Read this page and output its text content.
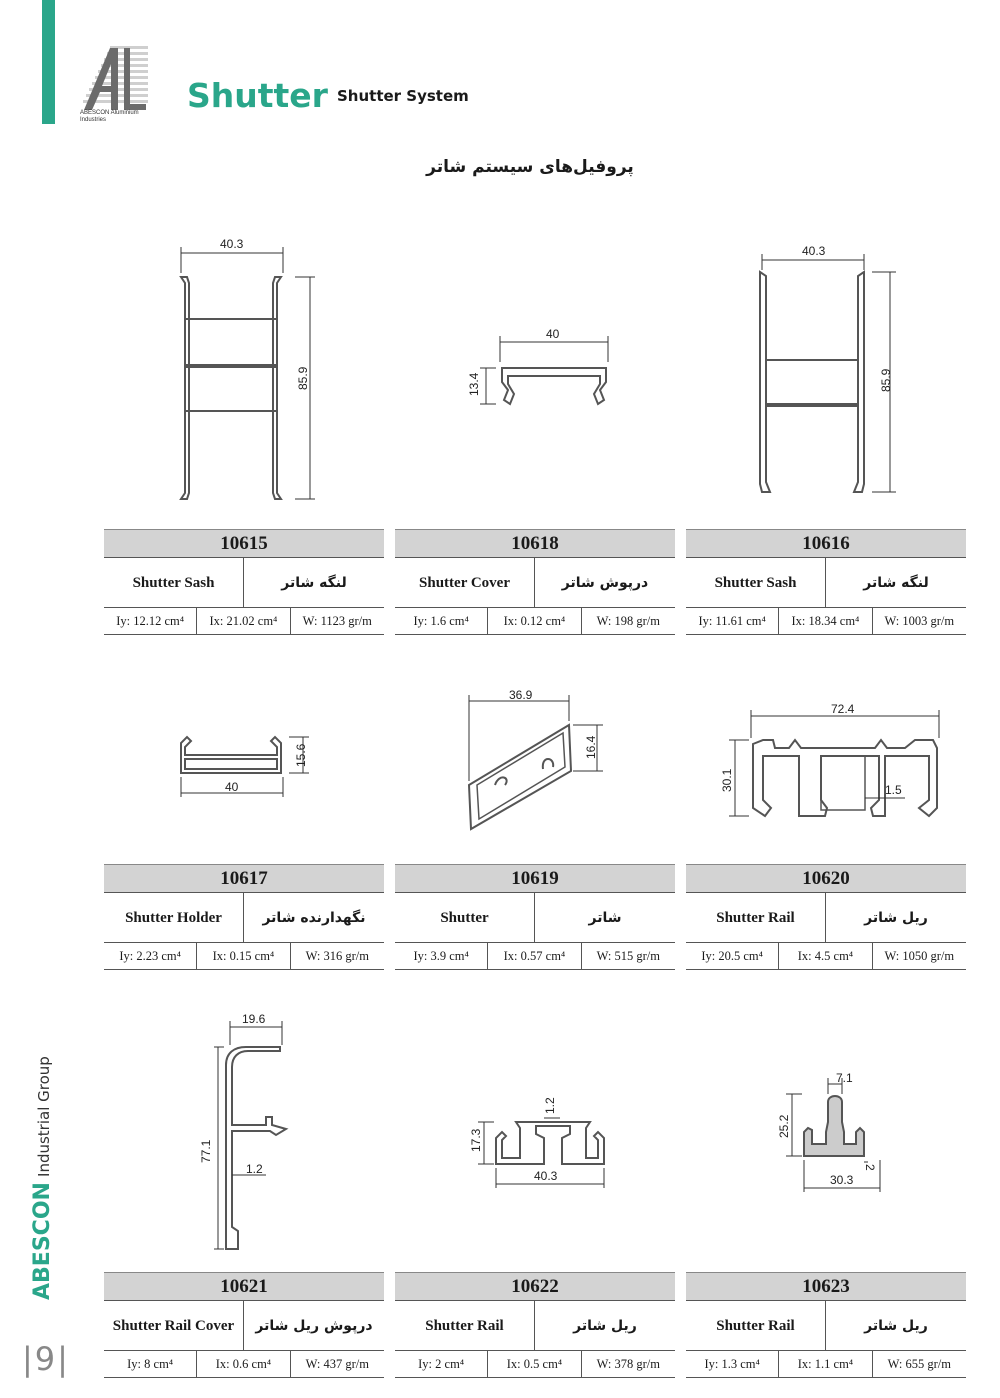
ABESCON Aluminium Industries
Shutter Shutter System
پروفیل‌های سیستم شاتر
40.3
85.9
40
13.4
40.3
85.9
10615
Shutter Sash	لنگه شاتر
Iy: 12.12 cm⁴	Ix: 21.02 cm⁴	W: 1123 gr/m
10618
Shutter Cover	درپوش شاتر
Iy: 1.6 cm⁴	Ix: 0.12 cm⁴	W: 198 gr/m
10616
Shutter Sash	لنگه شاتر
Iy: 11.61 cm⁴	Ix: 18.34 cm⁴	W: 1003 gr/m
40
15.6
36.9
16.4
72.4
30.1	1.5
10617
Shutter Holder	نگهدارنده شاتر
Iy: 2.23 cm⁴	Ix: 0.15 cm⁴	W: 316 gr/m
10619
Shutter	شاتر
Iy: 3.9 cm⁴	Ix: 0.57 cm⁴	W: 515 gr/m
10620
Shutter Rail	ریل شاتر
Iy: 20.5 cm⁴	Ix: 4.5 cm⁴	W: 1050 gr/m
19.6
77.1
1.2	40.3
17.3
1.2
7.1
25.2
2
30.3
10621
Shutter Rail Cover	درپوش ریل شاتر
Iy: 8 cm⁴	Ix: 0.6 cm⁴	W: 437 gr/m
10622
Shutter Rail	ریل شاتر
Iy: 2 cm⁴	Ix: 0.5 cm⁴	W: 378 gr/m
10623
Shutter Rail	ریل شاتر
Iy: 1.3 cm⁴	Ix: 1.1 cm⁴	W: 655 gr/m
ABESCON Industrial Group
|9|
